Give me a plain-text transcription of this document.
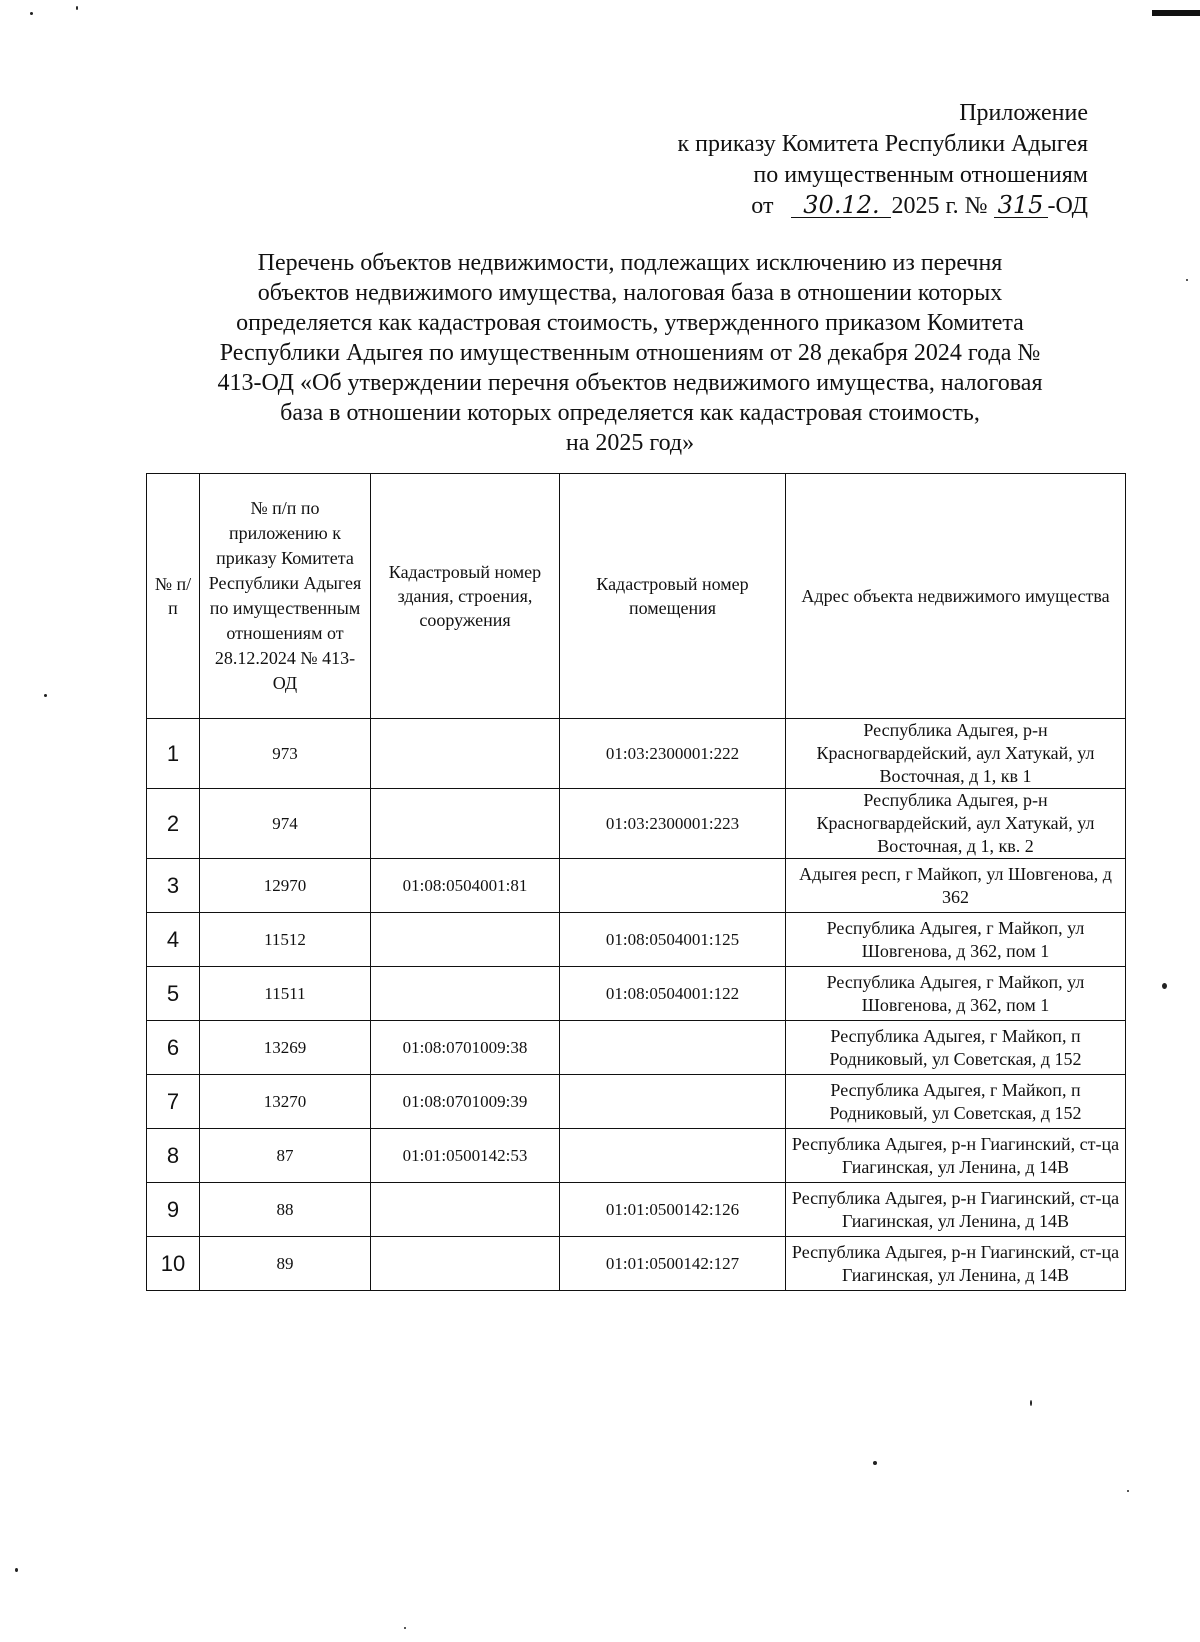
Приложение
к приказу Комитета Республики Адыгея
по имущественным отношениям
от 30.12. 2025 г. № 315 -ОД
Перечень объектов недвижимости, подлежащих исключению из перечня
объектов недвижимого имущества, налоговая база в отношении которых
определяется как кадастровая стоимость, утвержденного приказом Комитета
Республики Адыгея по имущественным отношениям от 28 декабря 2024 года №
413-ОД «Об утверждении перечня объектов недвижимого имущества, налоговая
база в отношении которых определяется как кадастровая стоимость,
на 2025 год»
№ п/п	№ п/п по приложению к приказу Комитета Республики Адыгея по имущественным отношениям от 28.12.2024 № 413-ОД	Кадастровый номер здания, строения, сооружения	Кадастровый номер помещения	Адрес объекта недвижимого имущества
1	973		01:03:2300001:222	Республика Адыгея, р-н Красногвардейский, аул Хатукай, ул Восточная, д 1, кв 1
2	974		01:03:2300001:223	Республика Адыгея, р-н Красногвардейский, аул Хатукай, ул Восточная, д 1, кв. 2
3	12970	01:08:0504001:81		Адыгея респ, г Майкоп, ул Шовгенова, д 362
4	11512		01:08:0504001:125	Республика Адыгея, г Майкоп, ул Шовгенова, д 362, пом 1
5	11511		01:08:0504001:122	Республика Адыгея, г Майкоп, ул Шовгенова, д 362, пом 1
6	13269	01:08:0701009:38		Республика Адыгея, г Майкоп, п Родниковый, ул Советская, д 152
7	13270	01:08:0701009:39		Республика Адыгея, г Майкоп, п Родниковый, ул Советская, д 152
8	87	01:01:0500142:53		Республика Адыгея, р-н Гиагинский, ст-ца Гиагинская, ул Ленина, д 14В
9	88		01:01:0500142:126	Республика Адыгея, р-н Гиагинский, ст-ца Гиагинская, ул Ленина, д 14В
10	89		01:01:0500142:127	Республика Адыгея, р-н Гиагинский, ст-ца Гиагинская, ул Ленина, д 14В
